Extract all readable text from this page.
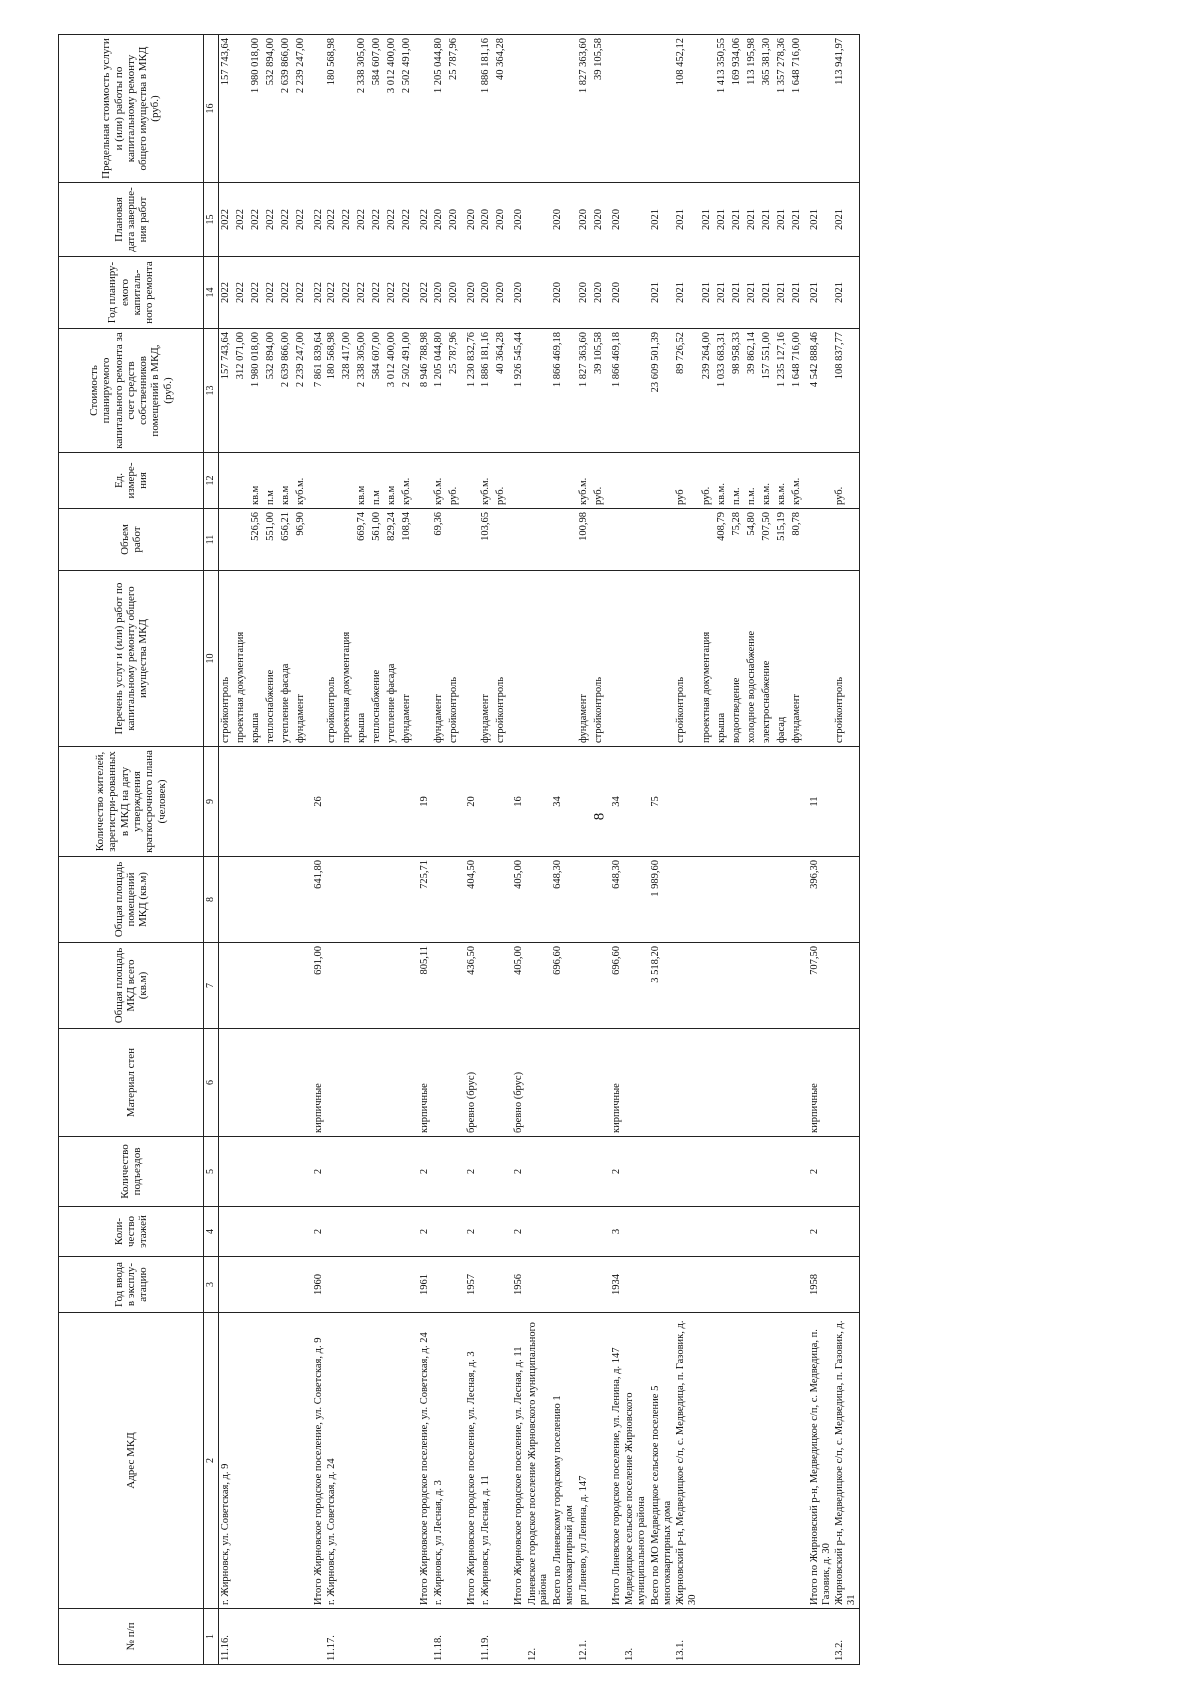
8
№ п/п	Адрес МКД	Год ввода в эксплу-атацию	Коли-чество этажей	Количество подъездов	Материал стен	Общая площадь МКД всего (кв.м)	Общая площадь помещений МКД (кв.м)	Количество жителей, зарегистри-рованных в МКД на дату утверждения краткосрочного плана (человек)	Перечень услуг и (или) работ по капитальному ремонту общего имущества МКД	Объем работ	Ед. измере-ния	Стоимость планируемого капитального ремонта за счет средств собственников помещений в МКД, (руб.)	Год планиру-емого капиталь-ного ремонта	Плановая дата заверше-ния работ	Предельная стоимость услуги и (или) работы по капитальному ремонту общего имущества в МКД (руб.)
1	2	3	4	5	6	7	8	9	10	11	12	13	14	15	16
11.16.	г. Жирновск, ул. Советская, д. 9								стройконтроль			157 743,64	2022	2022	157 743,64
									проектная документация			312 071,00	2022	2022	
									крыша	526,56	кв.м	1 980 018,00	2022	2022	1 980 018,00
									теплоснабжение	551,00	п.м	532 894,00	2022	2022	532 894,00
									утепление фасада	656,21	кв.м	2 639 866,00	2022	2022	2 639 866,00
									фундамент	96,90	куб.м.	2 239 247,00	2022	2022	2 239 247,00
	Итого Жирновское городское поселение, ул. Советская, д. 9	1960	2	2	кирпичные	691,00	641,80	26				7 861 839,64	2022	2022	
11.17.	г. Жирновск, ул. Советская, д. 24								стройконтроль			180 568,98	2022	2022	180 568,98
									проектная документация			328 417,00	2022	2022	
									крыша	669,74	кв.м	2 338 305,00	2022	2022	2 338 305,00
									теплоснабжение	561,00	п.м	584 607,00	2022	2022	584 607,00
									утепление фасада	829,24	кв.м	3 012 400,00	2022	2022	3 012 400,00
									фундамент	108,94	куб.м.	2 502 491,00	2022	2022	2 502 491,00
	Итого Жирновское городское поселение, ул. Советская, д. 24	1961	2	2	кирпичные	805,11	725,71	19				8 946 788,98	2022	2022	
11.18.	г. Жирновск, ул Лесная, д. 3								фундамент	69,36	куб.м.	1 205 044,80	2020	2020	1 205 044,80
									стройконтроль		руб.	25 787,96	2020	2020	25 787,96
	Итого Жирновское городское поселение, ул. Лесная, д. 3	1957	2	2	бревно (брус)	436,50	404,50	20				1 230 832,76	2020	2020	
11.19.	г. Жирновск, ул Лесная, д. 11								фундамент	103,65	куб.м.	1 886 181,16	2020	2020	1 886 181,16
									стройконтроль		руб.	40 364,28	2020	2020	40 364,28
	Итого Жирновское городское поселение, ул. Лесная, д. 11	1956	2	2	бревно (брус)	405,00	405,00	16				1 926 545,44	2020	2020	
12.	Линевское городское поселение Жирновского муниципального района														
	Всего по Линевскому городскому поселению 1 многоквартирный дом					696,60	648,30	34				1 866 469,18	2020	2020	
12.1.	рп Линево, ул Ленина, д. 147								фундамент	100,98	куб.м.	1 827 363,60	2020	2020	1 827 363,60
									стройконтроль		руб.	39 105,58	2020	2020	39 105,58
	Итого Линевское городское поселение, ул. Ленина, д. 147	1934	3	2	кирпичные	696,60	648,30	34				1 866 469,18	2020	2020	
13.	Медведицкое сельское поселение Жирновского муниципального района														
	Всего по МО Медведицкое сельское поселение 5 многоквартирных дома					3 518,20	1 989,60	75				23 609 501,39	2021	2021	
13.1.	Жирновский р-н, Медведицкое с/п, с. Медведица, п. Газовик, д. 30								стройконтроль		руб	89 726,52	2021	2021	108 452,12
									проектная документация		руб.	239 264,00	2021	2021	
									крыша	408,79	кв.м.	1 033 683,31	2021	2021	1 413 350,55
									водоотведение	75,28	п.м.	98 958,33	2021	2021	169 934,06
									холодное водоснабжение	54,80	п.м.	39 862,14	2021	2021	113 195,98
									электроснабжение	707,50	кв.м.	157 551,00	2021	2021	365 381,30
									фасад	515,19	кв.м.	1 235 127,16	2021	2021	1 357 278,36
									фундамент	80,78	куб.м.	1 648 716,00	2021	2021	1 648 716,00
	Итого по Жирновский р-н, Медведицкое с/п, с. Медведица, п. Газовик, д. 30	1958	2	2	кирпичные	707,50	396,30	11				4 542 888,46	2021	2021	
13.2.	Жирновский р-н, Медведицкое с/п, с. Медведица, п. Газовик, д. 31								стройконтроль		руб.	108 837,77	2021	2021	113 941,97
